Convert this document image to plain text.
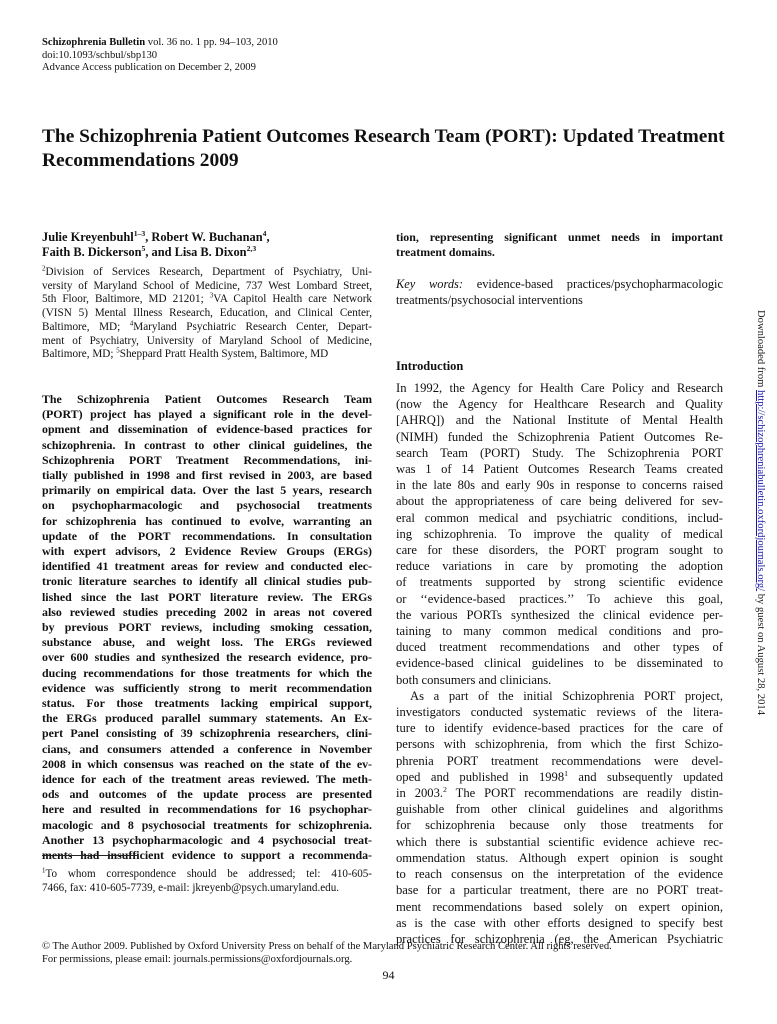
Schizophrenia Bulletin vol. 36 no. 1 pp. 94–103, 2010
doi:10.1093/schbul/sbp130
Advance Access publication on December 2, 2009
The Schizophrenia Patient Outcomes Research Team (PORT): Updated Treatment
Recommendations 2009
Julie Kreyenbuhl$^{1-3}$, Robert W. Buchanan$^4$,
Faith B. Dickerson$^5$, and Lisa B. Dixon$^{2,3}$
$^2$Division of Services Research, Department of Psychiatry, Uni-
versity of Maryland School of Medicine, 737 West Lombard Street,
5th Floor, Baltimore, MD 21201; $^3$VA Capitol Health care Network
(VISN 5) Mental Illness Research, Education, and Clinical Center,
Baltimore, MD; $^4$Maryland Psychiatric Research Center, Depart-
ment of Psychiatry, University of Maryland School of Medicine,
Baltimore, MD; $^5$Sheppard Pratt Health System, Baltimore, MD
The Schizophrenia Patient Outcomes Research Team
(PORT) project has played a significant role in the devel-
opment and dissemination of evidence-based practices for
schizophrenia. In contrast to other clinical guidelines, the
Schizophrenia PORT Treatment Recommendations, ini-
tially published in 1998 and first revised in 2003, are based
primarily on empirical data. Over the last 5 years, research
on psychopharmacologic and psychosocial treatments
for schizophrenia has continued to evolve, warranting an
update of the PORT recommendations. In consultation
with expert advisors, 2 Evidence Review Groups (ERGs)
identified 41 treatment areas for review and conducted elec-
tronic literature searches to identify all clinical studies pub-
lished since the last PORT literature review. The ERGs
also reviewed studies preceding 2002 in areas not covered
by previous PORT reviews, including smoking cessation,
substance abuse, and weight loss. The ERGs reviewed
over 600 studies and synthesized the research evidence, pro-
ducing recommendations for those treatments for which the
evidence was sufficiently strong to merit recommendation
status. For those treatments lacking empirical support,
the ERGs produced parallel summary statements. An Ex-
pert Panel consisting of 39 schizophrenia researchers, clini-
cians, and consumers attended a conference in November
2008 in which consensus was reached on the state of the ev-
idence for each of the treatment areas reviewed. The meth-
ods and outcomes of the update process are presented
here and resulted in recommendations for 16 psychophar-
macologic and 8 psychosocial treatments for schizophrenia.
Another 13 psychopharmacologic and 4 psychosocial treat-
ments had insufficient evidence to support a recommenda-
$^1$To whom correspondence should be addressed; tel: 410-605-
7466, fax: 410-605-7739, e-mail: jkreyenb@psych.umaryland.edu.
tion, representing significant unmet needs in important
treatment domains.
Key words: evidence-based practices/psychopharmacologic
treatments/psychosocial interventions
Introduction
In 1992, the Agency for Health Care Policy and Research
(now the Agency for Healthcare Research and Quality
[AHRQ]) and the National Institute of Mental Health
(NIMH) funded the Schizophrenia Patient Outcomes Re-
search Team (PORT) Study. The Schizophrenia PORT
was 1 of 14 Patient Outcomes Research Teams created
in the late 80s and early 90s in response to concerns raised
about the appropriateness of care being delivered for sev-
eral common medical and psychiatric conditions, includ-
ing schizophrenia. To improve the quality of medical
care for these disorders, the PORT program sought to
reduce variations in care by promoting the adoption
of treatments supported by strong scientific evidence
or ‘‘evidence-based practices.’’ To achieve this goal,
the various PORTs synthesized the clinical evidence per-
taining to many common medical conditions and pro-
duced treatment recommendations and other types of
evidence-based clinical guidelines to be disseminated to
both consumers and clinicians.
As a part of the initial Schizophrenia PORT project,
investigators conducted systematic reviews of the litera-
ture to identify evidence-based practices for the care of
persons with schizophrenia, from which the first Schizo-
phrenia PORT treatment recommendations were devel-
oped and published in 1998$^1$ and subsequently updated
in 2003.$^2$ The PORT recommendations are readily distin-
guishable from other clinical guidelines and algorithms
for schizophrenia because only those treatments for
which there is substantial scientific evidence achieve rec-
ommendation status. Although expert opinion is sought
to reach consensus on the interpretation of the evidence
base for a particular treatment, there are no PORT treat-
ment recommendations based solely on expert opinion,
as is the case with other efforts designed to specify best
practices for schizophrenia (eg, the American Psychiatric
© The Author 2009. Published by Oxford University Press on behalf of the Maryland Psychiatric Research Center. All rights reserved.
For permissions, please email: journals.permissions@oxfordjournals.org.
94
Downloaded from http://schizophreniabulletin.oxfordjournals.org/ by guest on August 28, 2014
